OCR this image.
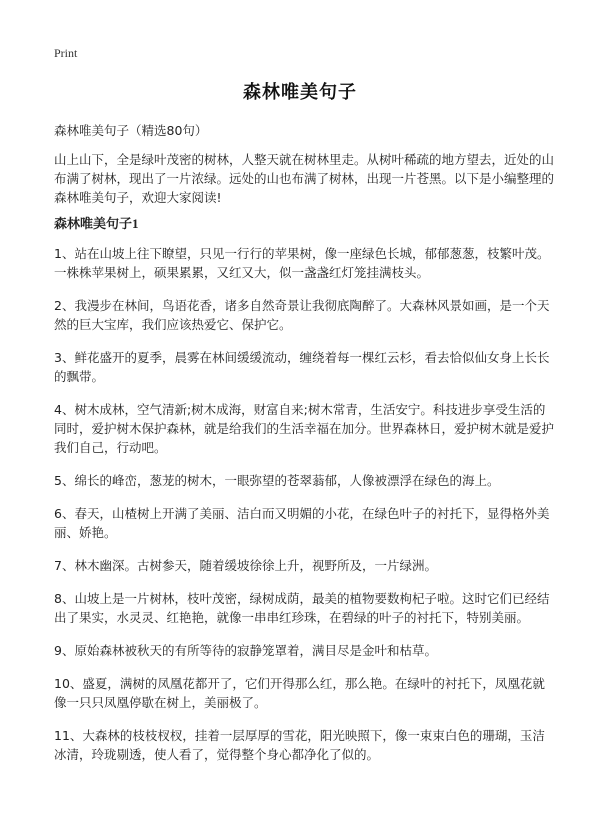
Print
森林唯美句子

森林唯美句子（精选80句）

山上山下，全是绿叶茂密的树林，人整天就在树林里走。从树叶稀疏的地方望去，近处的山布满了树林，现出了一片浓绿。远处的山也布满了树林，出现一片苍黑。以下是小编整理的森林唯美句子，欢迎大家阅读!

森林唯美句子1
1、站在山坡上往下瞭望，只见一行行的苹果树，像一座绿色长城，郁郁葱葱，枝繁叶茂。一株株苹果树上，硕果累累，又红又大，似一盏盏红灯笼挂满枝头。
2、我漫步在林间，鸟语花香，诸多自然奇景让我彻底陶醉了。大森林风景如画，是一个天然的巨大宝库，我们应该热爱它、保护它。
3、鲜花盛开的夏季，晨雾在林间缓缓流动，缠绕着每一棵红云杉，看去恰似仙女身上长长的飘带。
4、树木成林，空气清新;树木成海，财富自来;树木常青，生活安宁。科技进步享受生活的同时，爱护树木保护森林，就是给我们的生活幸福在加分。世界森林日，爱护树木就是爱护我们自己，行动吧。
5、绵长的峰峦，葱茏的树木，一眼弥望的苍翠蓊郁，人像被漂浮在绿色的海上。
6、春天，山楂树上开满了美丽、洁白而又明媚的小花，在绿色叶子的衬托下，显得格外美丽、娇艳。
7、林木幽深。古树参天，随着缓坡徐徐上升，视野所及，一片绿洲。
8、山坡上是一片树林，枝叶茂密，绿树成荫，最美的植物要数枸杞子啦。这时它们已经结出了果实，水灵灵、红艳艳，就像一串串红珍珠，在碧绿的叶子的衬托下，特别美丽。
9、原始森林被秋天的有所等待的寂静笼罩着，满目尽是金叶和枯草。
10、盛夏，满树的凤凰花都开了，它们开得那么红，那么艳。在绿叶的衬托下，凤凰花就像一只只凤凰停歇在树上，美丽极了。
11、大森林的枝枝杈杈，挂着一层厚厚的雪花，阳光映照下，像一束束白色的珊瑚，玉洁冰清，玲珑剔透，使人看了，觉得整个身心都净化了似的。
